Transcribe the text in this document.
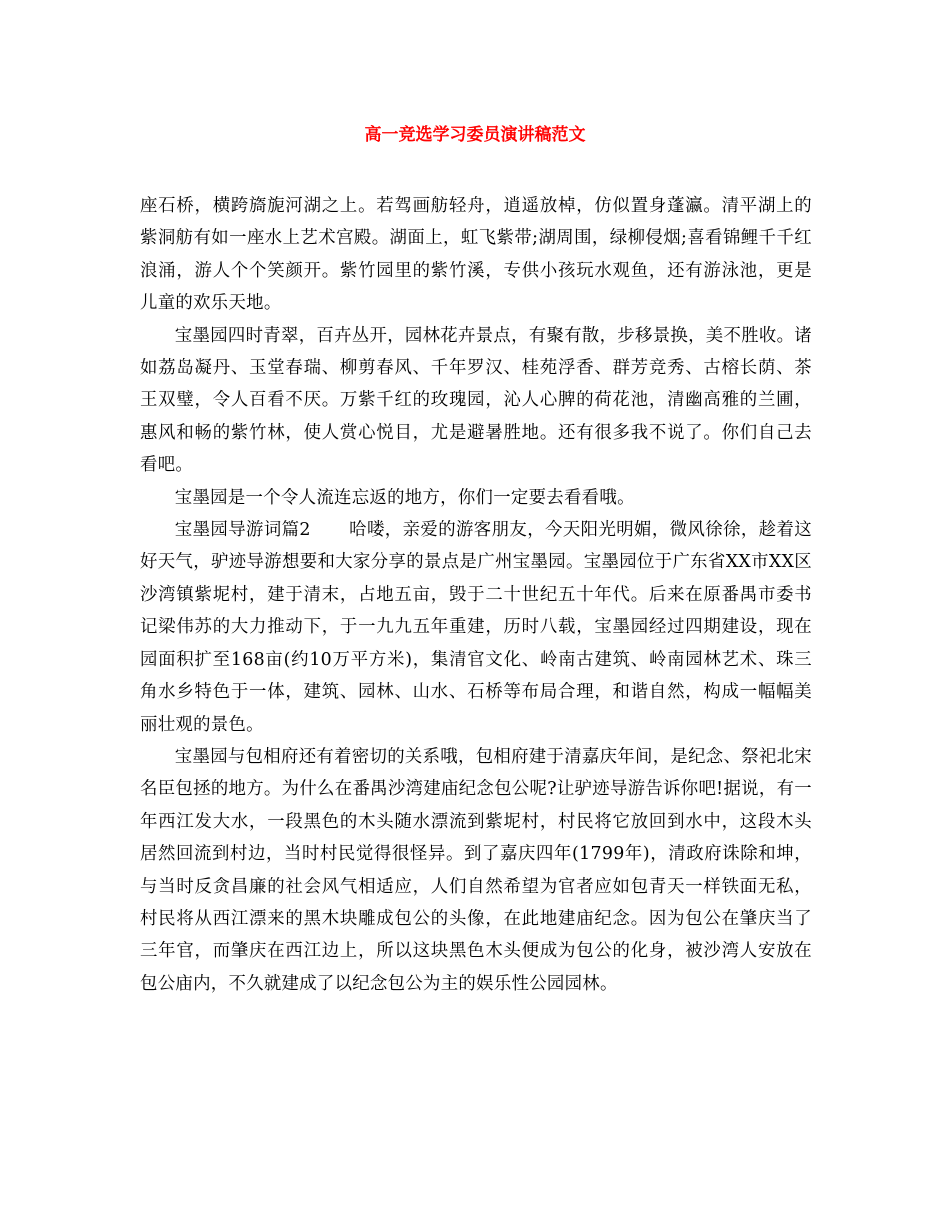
高一竞选学习委员演讲稿范文

座石桥，横跨旖旎河湖之上。若驾画舫轻舟，逍遥放棹，仿似置身蓬瀛。清平湖上的紫洞舫有如一座水上艺术宫殿。湖面上，虹飞紫带;湖周围，绿柳侵烟;喜看锦鲤千千红浪涌，游人个个笑颜开。紫竹园里的紫竹溪，专供小孩玩水观鱼，还有游泳池，更是儿童的欢乐天地。

宝墨园四时青翠，百卉丛开，园林花卉景点，有聚有散，步移景换，美不胜收。诸如荔岛凝丹、玉堂春瑞、柳剪春风、千年罗汉、桂苑浮香、群芳竞秀、古榕长荫、茶王双璧，令人百看不厌。万紫千红的玫瑰园，沁人心脾的荷花池，清幽高雅的兰圃，惠风和畅的紫竹林，使人赏心悦目，尤是避暑胜地。还有很多我不说了。你们自己去看吧。

宝墨园是一个令人流连忘返的地方，你们一定要去看看哦。

宝墨园导游词篇2 哈喽，亲爱的游客朋友，今天阳光明媚，微风徐徐，趁着这好天气，驴迹导游想要和大家分享的景点是广州宝墨园。宝墨园位于广东省XX市XX区沙湾镇紫坭村，建于清末，占地五亩，毁于二十世纪五十年代。后来在原番禺市委书记梁伟苏的大力推动下，于一九九五年重建，历时八载，宝墨园经过四期建设，现在园面积扩至168亩(约10万平方米)，集清官文化、岭南古建筑、岭南园林艺术、珠三角水乡特色于一体，建筑、园林、山水、石桥等布局合理，和谐自然，构成一幅幅美丽壮观的景色。

宝墨园与包相府还有着密切的关系哦，包相府建于清嘉庆年间，是纪念、祭祀北宋名臣包拯的地方。为什么在番禺沙湾建庙纪念包公呢?让驴迹导游告诉你吧!据说，有一年西江发大水，一段黑色的木头随水漂流到紫坭村，村民将它放回到水中，这段木头居然回流到村边，当时村民觉得很怪异。到了嘉庆四年(1799年)，清政府诛除和坤，与当时反贪昌廉的社会风气相适应，人们自然希望为官者应如包青天一样铁面无私，村民将从西江漂来的黑木块雕成包公的头像，在此地建庙纪念。因为包公在肇庆当了三年官，而肇庆在西江边上，所以这块黑色木头便成为包公的化身，被沙湾人安放在包公庙内，不久就建成了以纪念包公为主的娱乐性公园园林。
